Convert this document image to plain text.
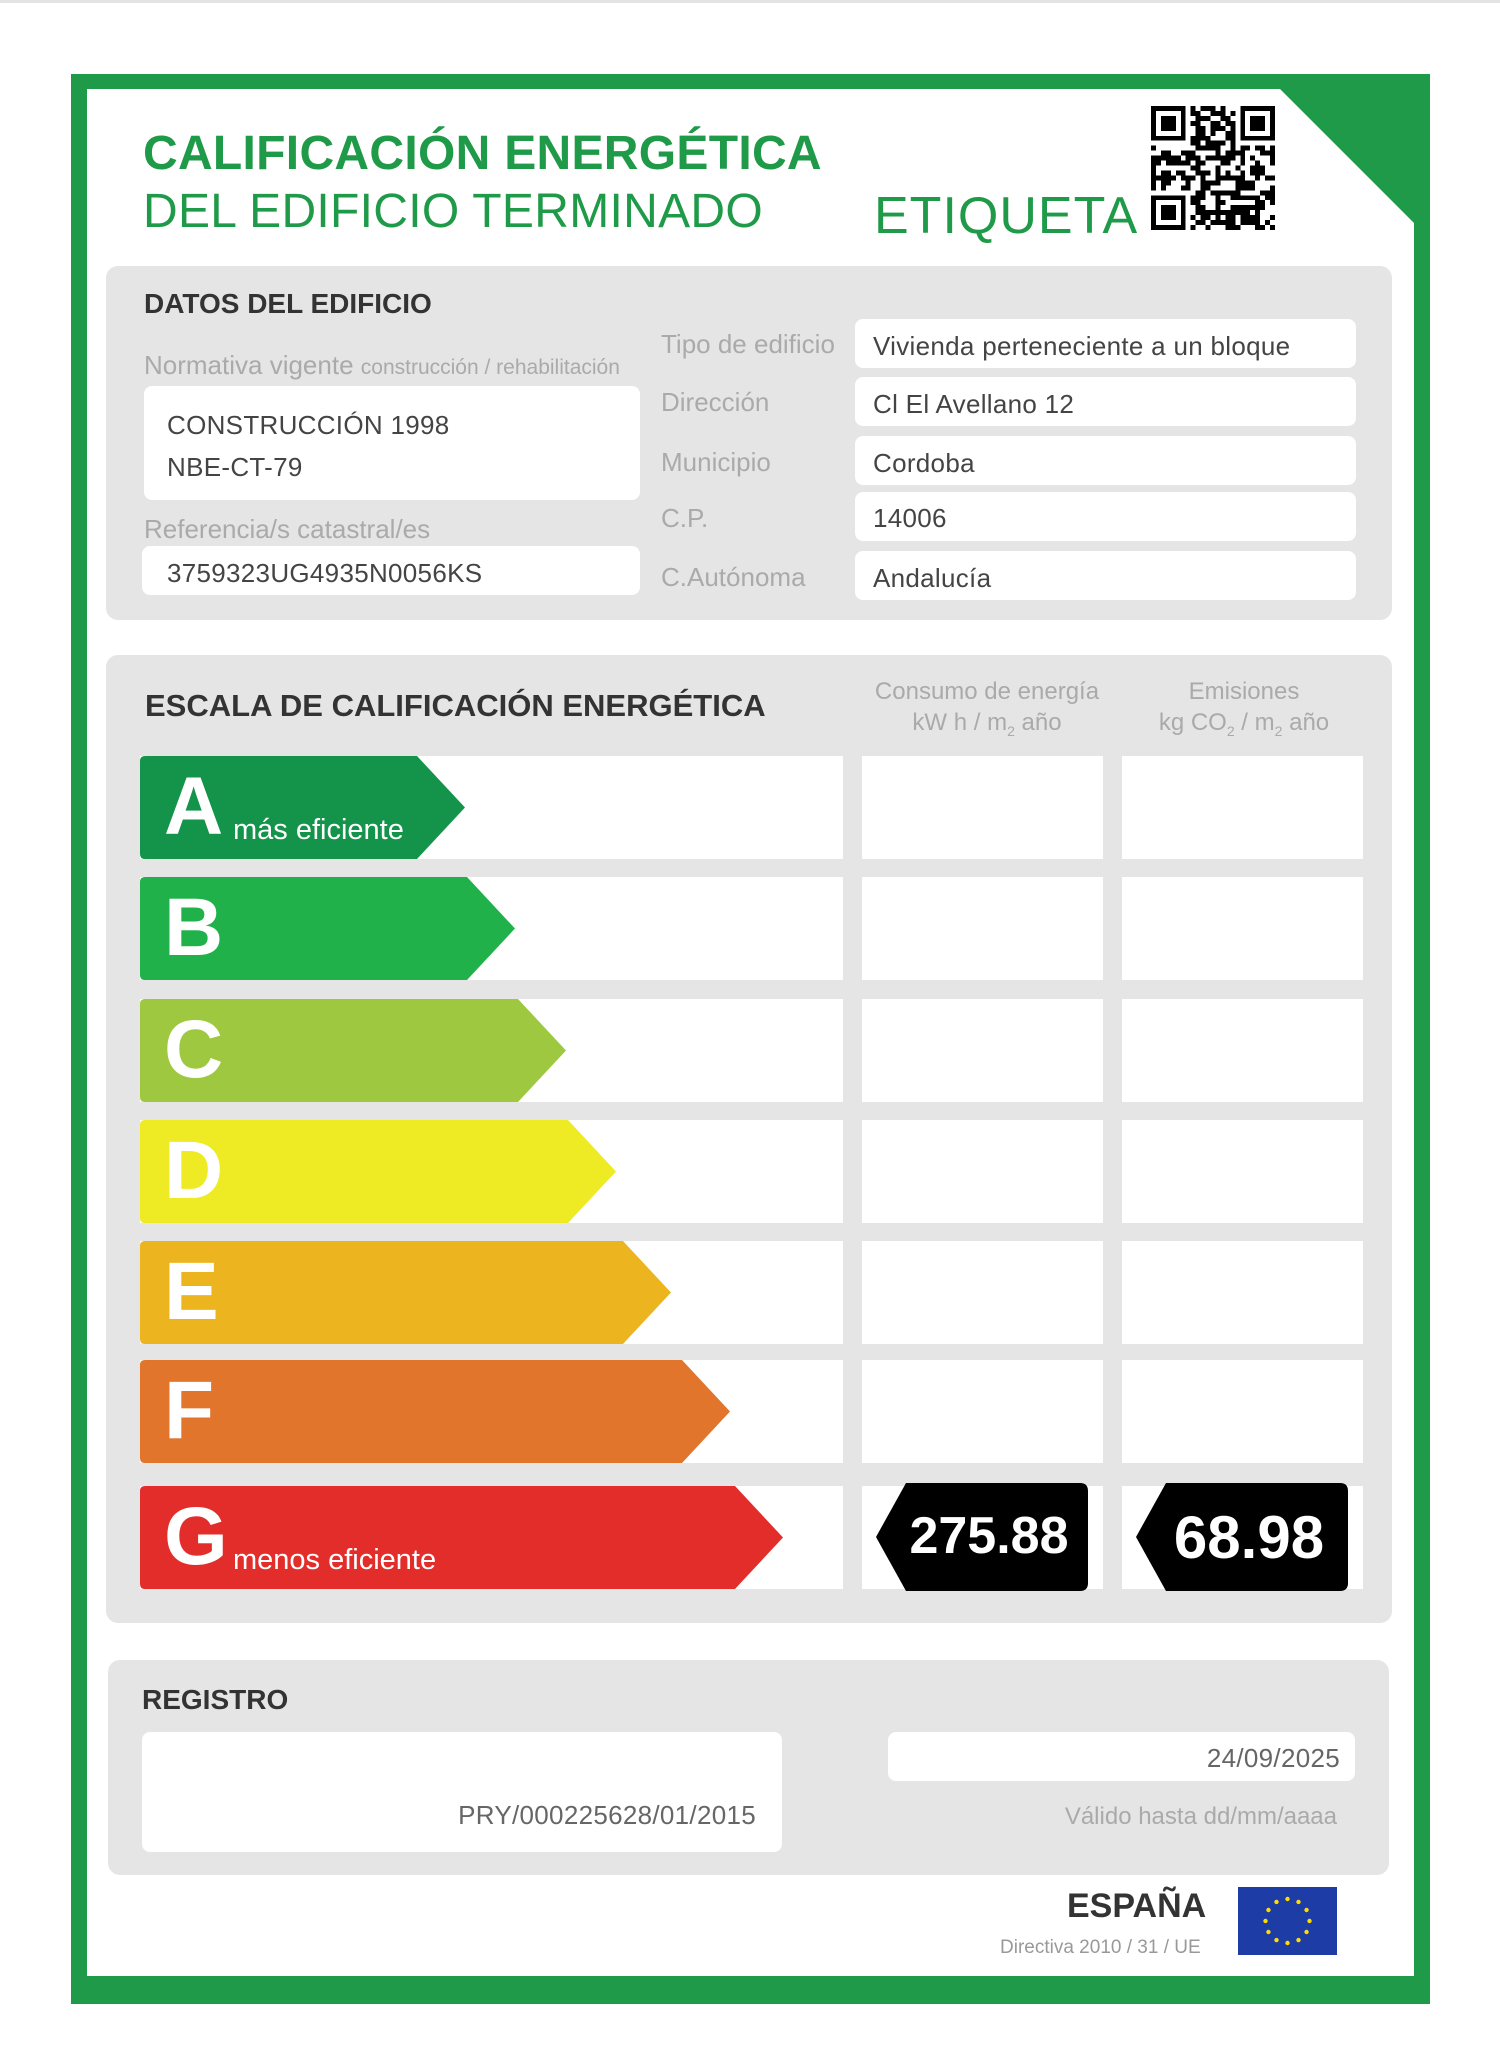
CALIFICACIÓN ENERGÉTICA
DEL EDIFICIO TERMINADO ETIQUETA
DATOS DEL EDIFICIO
Normativa vigente construcción / rehabilitación
CONSTRUCCIÓN 1998
NBE-CT-79
Referencia/s catastral/es
3759323UG4935N0056KS
Tipo de edificio Vivienda perteneciente a un bloque
Dirección	Cl El Avellano 12
Municipio	Cordoba
C.P.	14006
C.Autónoma	Andalucía
ESCALA DE CALIFICACIÓN ENERGÉTICA	Consumo de energía
kW h / $m_2$ año
Emisiones
kg $CO_2 / m_2$ año
A más eficiente
B
C
D
E
F
G menos eficiente	275.88	68.98
REGISTRO
PRY/000225628/01/2015
24/09/2025
Válido hasta dd/mm/aaaa
ESPAÑA
Directiva 2010 / 31 / UE
